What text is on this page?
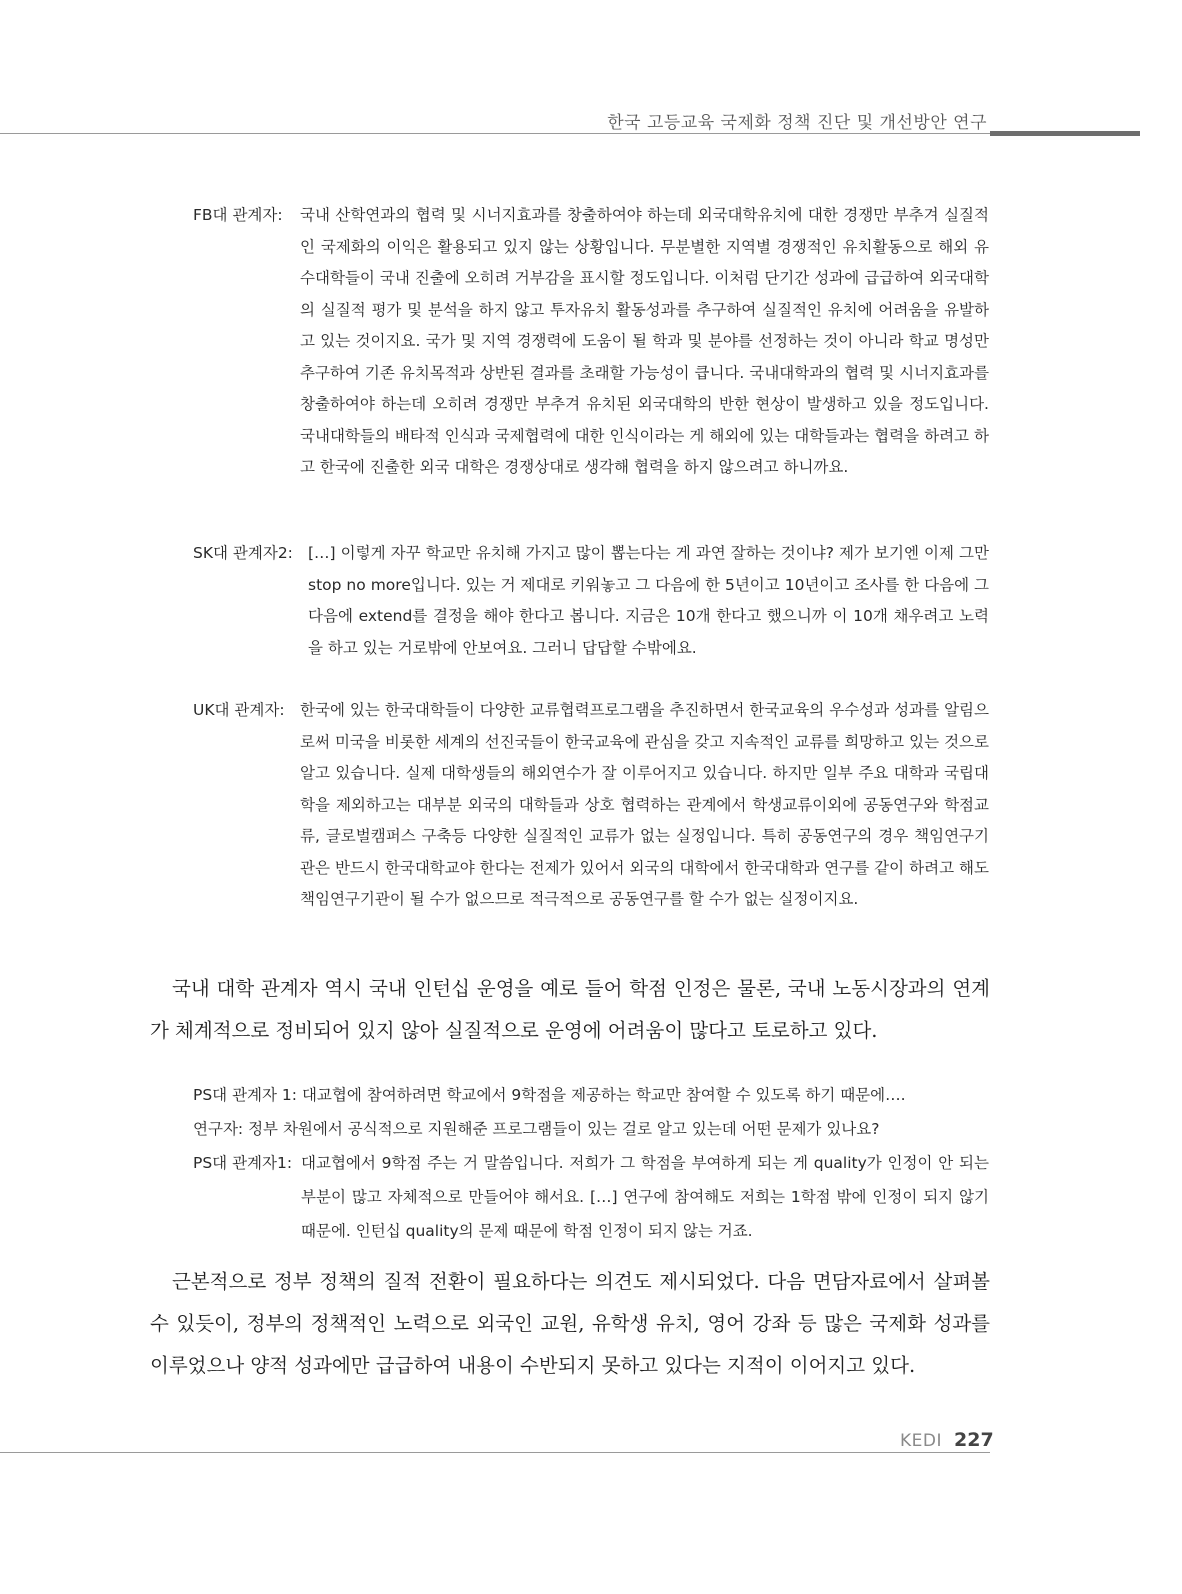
한국 고등교육 국제화 정책 진단 및 개선방안 연구
FB대 관계자: 국내 산학연과의 협력 및 시너지효과를 창출하여야 하는데 외국대학유치에 대한 경쟁만 부추겨 실질적인 국제화의 이익은 활용되고 있지 않는 상황입니다. 무분별한 지역별 경쟁적인 유치활동으로 해외 유수대학들이 국내 진출에 오히려 거부감을 표시할 정도입니다. 이처럼 단기간 성과에 급급하여 외국대학의 실질적 평가 및 분석을 하지 않고 투자유치 활동성과를 추구하여 실질적인 유치에 어려움을 유발하고 있는 것이지요. 국가 및 지역 경쟁력에 도움이 될 학과 및 분야를 선정하는 것이 아니라 학교 명성만 추구하여 기존 유치목적과 상반된 결과를 초래할 가능성이 큽니다. 국내대학과의 협력 및 시너지효과를 창출하여야 하는데 오히려 경쟁만 부추겨 유치된 외국대학의 반한 현상이 발생하고 있을 정도입니다. 국내대학들의 배타적 인식과 국제협력에 대한 인식이라는 게 해외에 있는 대학들과는 협력을 하려고 하고 한국에 진출한 외국 대학은 경쟁상대로 생각해 협력을 하지 않으려고 하니까요.
SK대 관계자2: […] 이렇게 자꾸 학교만 유치해 가지고 많이 뽑는다는 게 과연 잘하는 것이냐? 제가 보기엔 이제 그만 stop no more입니다. 있는 거 제대로 키워놓고 그 다음에 한 5년이고 10년이고 조사를 한 다음에 그다음에 extend를 결정을 해야 한다고 봅니다. 지금은 10개 한다고 했으니까 이 10개 채우려고 노력을 하고 있는 거로밖에 안보여요. 그러니 답답할 수밖에요.
UK대 관계자: 한국에 있는 한국대학들이 다양한 교류협력프로그램을 추진하면서 한국교육의 우수성과 성과를 알림으로써 미국을 비롯한 세계의 선진국들이 한국교육에 관심을 갖고 지속적인 교류를 희망하고 있는 것으로 알고 있습니다. 실제 대학생들의 해외연수가 잘 이루어지고 있습니다. 하지만 일부 주요 대학과 국립대학을 제외하고는 대부분 외국의 대학들과 상호 협력하는 관계에서 학생교류이외에 공동연구와 학점교류, 글로벌캠퍼스 구축등 다양한 실질적인 교류가 없는 실정입니다. 특히 공동연구의 경우 책임연구기관은 반드시 한국대학교야 한다는 전제가 있어서 외국의 대학에서 한국대학과 연구를 같이 하려고 해도 책임연구기관이 될 수가 없으므로 적극적으로 공동연구를 할 수가 없는 실정이지요.
국내 대학 관계자 역시 국내 인턴십 운영을 예로 들어 학점 인정은 물론, 국내 노동시장과의 연계가 체계적으로 정비되어 있지 않아 실질적으로 운영에 어려움이 많다고 토로하고 있다.
PS대 관계자 1: 대교협에 참여하려면 학교에서 9학점을 제공하는 학교만 참여할 수 있도록 하기 때문에….
연구자: 정부 차원에서 공식적으로 지원해준 프로그램들이 있는 걸로 알고 있는데 어떤 문제가 있나요?
PS대 관계자1: 대교협에서 9학점 주는 거 말씀입니다. 저희가 그 학점을 부여하게 되는 게 quality가 인정이 안 되는 부분이 많고 자체적으로 만들어야 해서요. […] 연구에 참여해도 저희는 1학점 밖에 인정이 되지 않기 때문에. 인턴십 quality의 문제 때문에 학점 인정이 되지 않는 거죠.
근본적으로 정부 정책의 질적 전환이 필요하다는 의견도 제시되었다. 다음 면담자료에서 살펴볼 수 있듯이, 정부의 정책적인 노력으로 외국인 교원, 유학생 유치, 영어 강좌 등 많은 국제화 성과를 이루었으나 양적 성과에만 급급하여 내용이 수반되지 못하고 있다는 지적이 이어지고 있다.
KEDI 227
